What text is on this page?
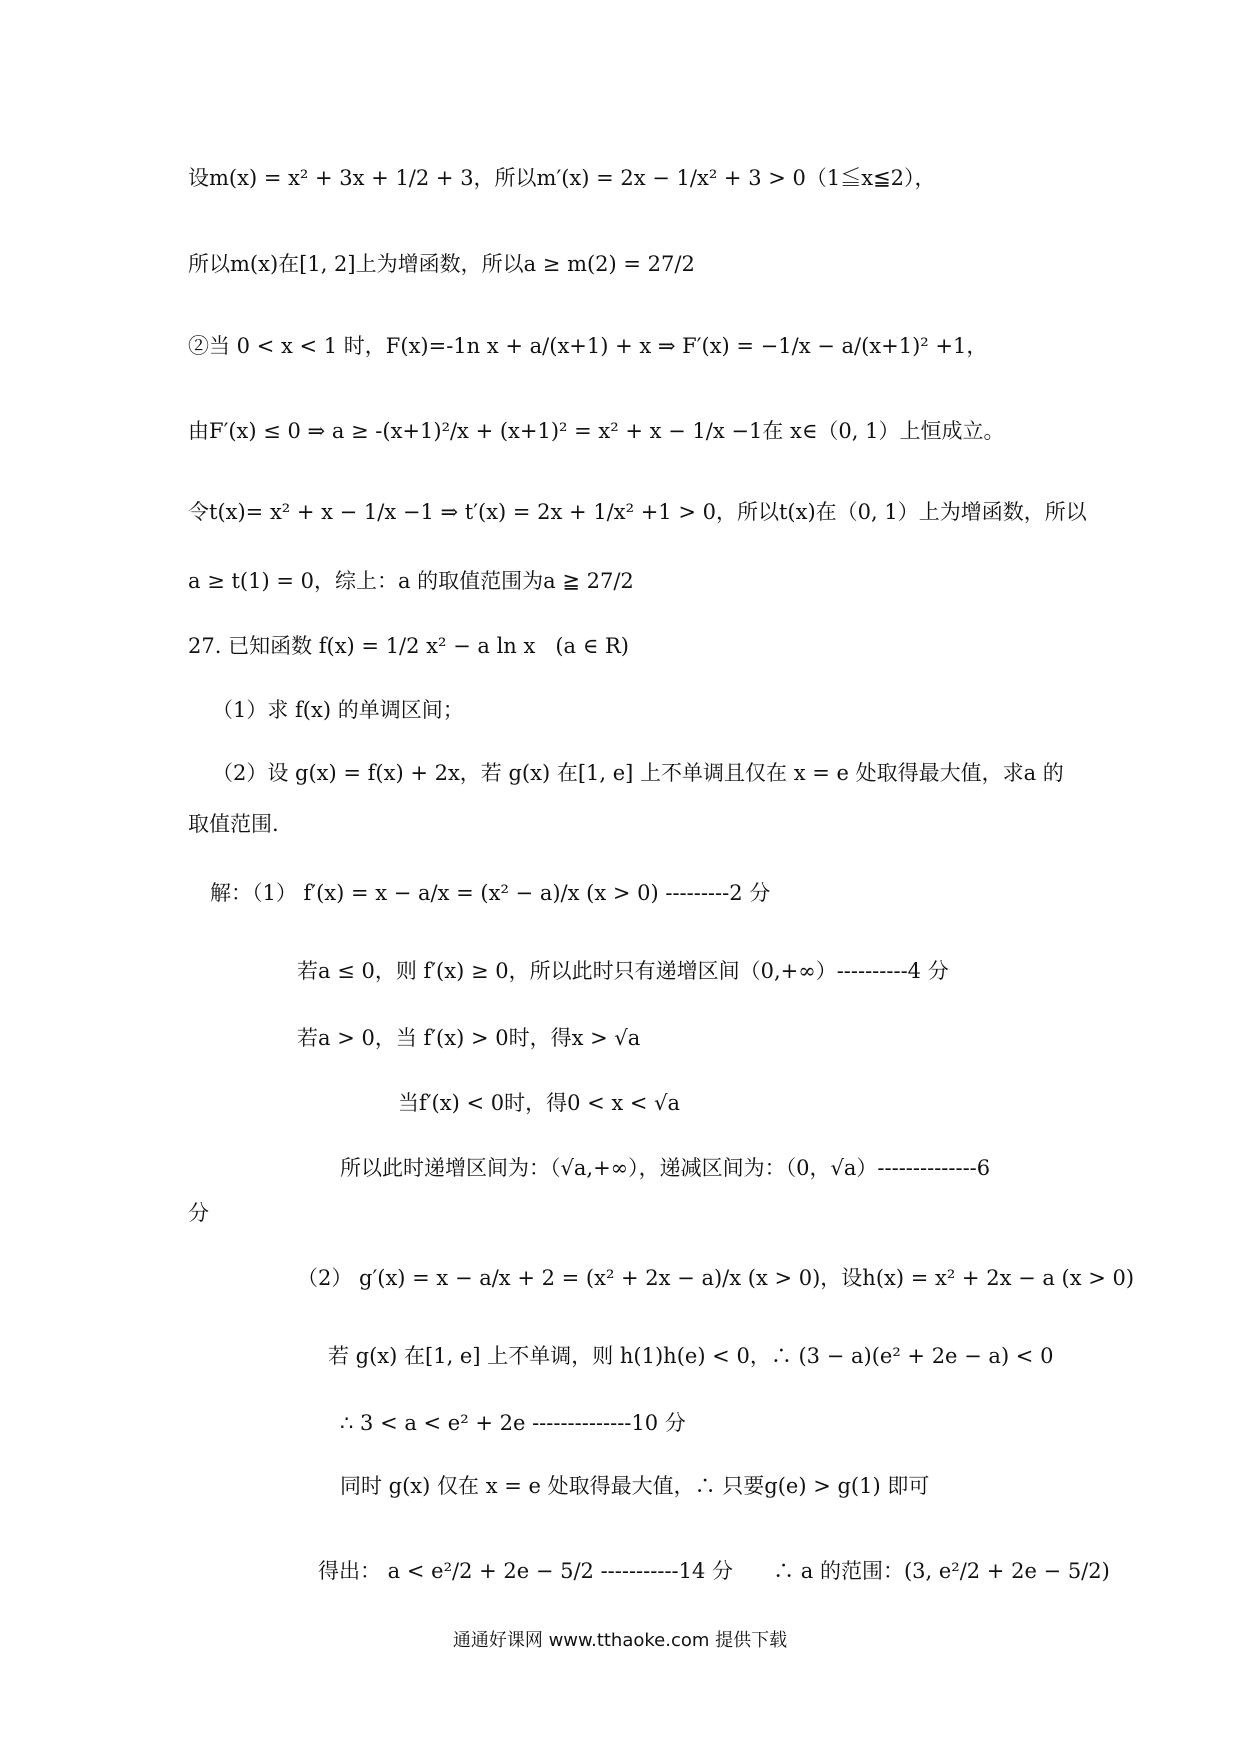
设m(x) = x² + 3x + 1/2 + 3，所以m′(x) = 2x − 1/x² + 3 > 0（1≦x≦2），
所以m(x)在[1, 2]上为增函数，所以a ≥ m(2) = 27/2
②当 0 < x < 1 时，F(x)=-1n x + a/(x+1) + x ⇒ F′(x) = −1/x − a/(x+1)² +1，
由F′(x) ≤ 0 ⇒ a ≥ -(x+1)²/x + (x+1)² = x² + x − 1/x −1在 x∈（0, 1）上恒成立。
令t(x)= x² + x − 1/x −1 ⇒ t′(x) = 2x + 1/x² +1 > 0，所以t(x)在（0, 1）上为增函数，所以
a ≥ t(1) = 0，综上：a 的取值范围为a ≧ 27/2
27. 已知函数 f(x) = 1/2 x² − a ln x   (a ∈ R)
（1）求 f(x) 的单调区间；
（2）设 g(x) = f(x) + 2x，若 g(x) 在[1, e] 上不单调且仅在 x = e 处取得最大值，求a 的
取值范围.
解：（1） f′(x) = x − a/x = (x² − a)/x (x > 0) ---------2 分
若a ≤ 0，则 f′(x) ≥ 0，所以此时只有递增区间（0,+∞）----------4 分
若a > 0，当 f′(x) > 0时，得x > √a
当f′(x) < 0时，得0 < x < √a
所以此时递增区间为：（√a,+∞），递减区间为：（0，√a）--------------6
分
（2） g′(x) = x − a/x + 2 = (x² + 2x − a)/x (x > 0)，设h(x) = x² + 2x − a (x > 0)
若 g(x) 在[1, e] 上不单调，则 h(1)h(e) < 0，∴ (3 − a)(e² + 2e − a) < 0
∴ 3 < a < e² + 2e --------------10 分
同时 g(x) 仅在 x = e 处取得最大值，∴ 只要g(e) > g(1) 即可
得出： a < e²/2 + 2e − 5/2 -----------14 分      ∴ a 的范围：(3, e²/2 + 2e − 5/2)
通通好课网 www.tthaoke.com 提供下载
